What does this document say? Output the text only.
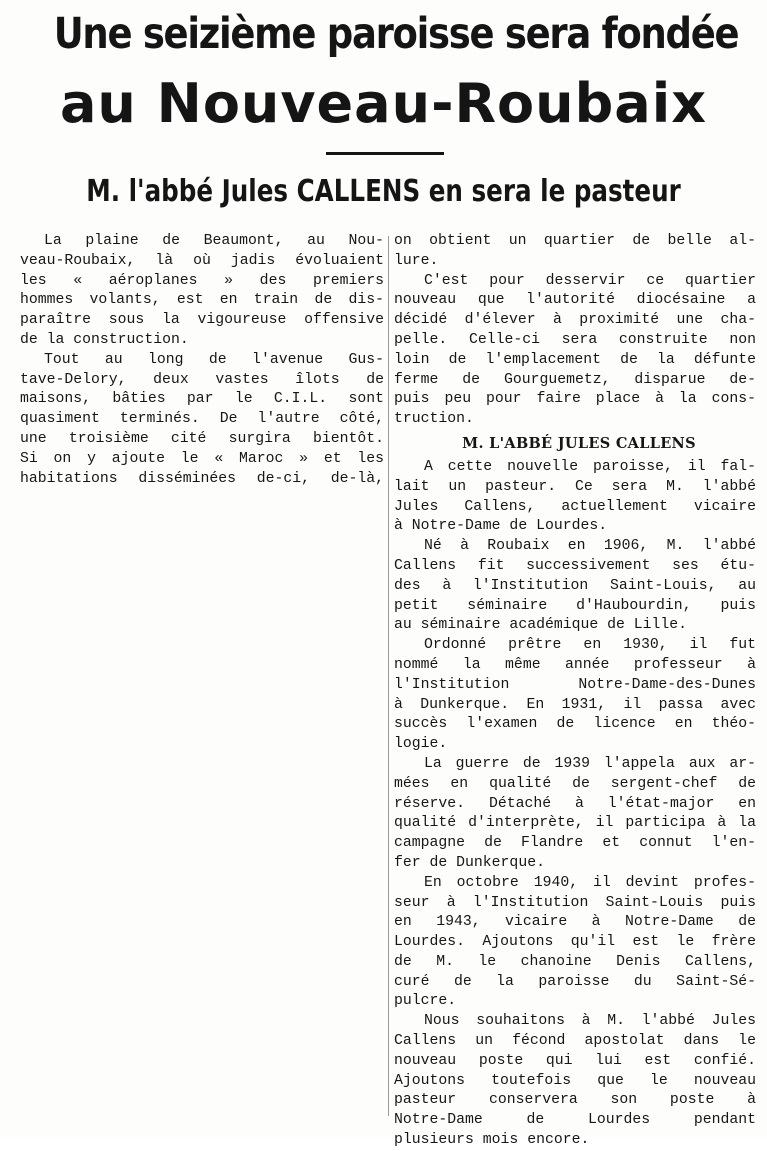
Une seizième paroisse sera fondée
au Nouveau-Roubaix
M. l'abbé Jules CALLENS en sera le pasteur
La plaine de Beaumont, au Nou-
veau-Roubaix, là où jadis évoluaient
les « aéroplanes » des premiers
hommes volants, est en train de dis-
paraître sous la vigoureuse offensive
de la construction.
Tout au long de l'avenue Gus-
tave-Delory, deux vastes îlots de
maisons, bâties par le C.I.L. sont
quasiment terminés. De l'autre côté,
une troisième cité surgira bientôt.
Si on y ajoute le « Maroc » et les
habitations disséminées de-ci, de-là,
on obtient un quartier de belle al-
lure.
C'est pour desservir ce quartier
nouveau que l'autorité diocésaine a
décidé d'élever à proximité une cha-
pelle. Celle-ci sera construite non
loin de l'emplacement de la défunte
ferme de Gourguemetz, disparue de-
puis peu pour faire place à la cons-
truction.
M. L'ABBÉ JULES CALLENS
A cette nouvelle paroisse, il fal-
lait un pasteur. Ce sera M. l'abbé
Jules Callens, actuellement vicaire
à Notre-Dame de Lourdes.
Né à Roubaix en 1906, M. l'abbé
Callens fit successivement ses étu-
des à l'Institution Saint-Louis, au
petit séminaire d'Haubourdin, puis
au séminaire académique de Lille.
Ordonné prêtre en 1930, il fut
nommé la même année professeur à
l'Institution Notre-Dame-des-Dunes
à Dunkerque. En 1931, il passa avec
succès l'examen de licence en théo-
logie.
La guerre de 1939 l'appela aux ar-
mées en qualité de sergent-chef de
réserve. Détaché à l'état-major en
qualité d'interprète, il participa à la
campagne de Flandre et connut l'en-
fer de Dunkerque.
En octobre 1940, il devint profes-
seur à l'Institution Saint-Louis puis
en 1943, vicaire à Notre-Dame de
Lourdes. Ajoutons qu'il est le frère
de M. le chanoine Denis Callens,
curé de la paroisse du Saint-Sé-
pulcre.
Nous souhaitons à M. l'abbé Jules
Callens un fécond apostolat dans le
nouveau poste qui lui est confié.
Ajoutons toutefois que le nouveau
pasteur conservera son poste à
Notre-Dame de Lourdes pendant
plusieurs mois encore.
